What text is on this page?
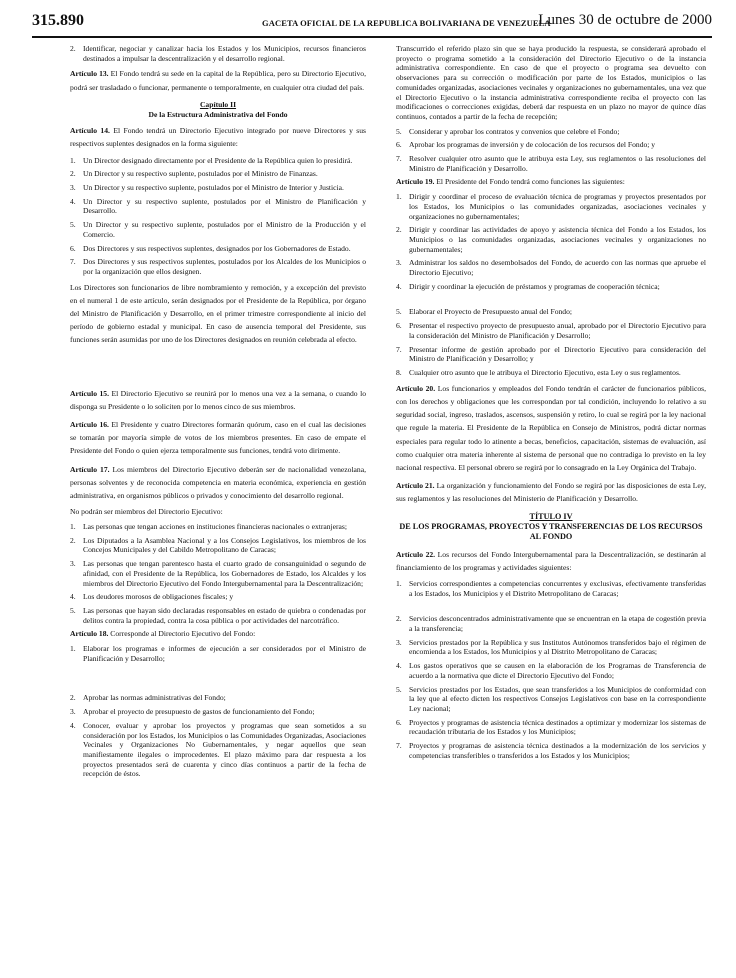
315.890	GACETA OFICIAL DE LA REPUBLICA BOLIVARIANA DE VENEZUELA
Lunes 30 de octubre de 2000
2. Identificar, negociar y canalizar hacia los Estados y los Municipios, recursos financieros destinados a impulsar la descentralización y el desarrollo regional.

Artículo 13. El Fondo tendrá su sede en la capital de la República, pero su Directorio Ejecutivo, podrá ser trasladado o funcionar, permanente o temporalmente, en cualquier otra ciudad del país.

Capítulo II
De la Estructura Administrativa del Fondo

Artículo 14. El Fondo tendrá un Directorio Ejecutivo integrado por nueve Directores y sus respectivos suplentes designados en la forma siguiente:

1. Un Director designado directamente por el Presidente de la República quien lo presidirá.
2. Un Director y su respectivo suplente, postulados por el Ministro de Finanzas.
3. Un Director y su respectivo suplente, postulados por el Ministro de Interior y Justicia.
4. Un Director y su respectivo suplente, postulados por el Ministro de Planificación y Desarrollo.
5. Un Director y su respectivo suplente, postulados por el Ministro de la Producción y el Comercio.
6. Dos Directores y sus respectivos suplentes, designados por los Gobernadores de Estado.
7. Dos Directores y sus respectivos suplentes, postulados por los Alcaldes de los Municipios o por la organización que ellos designen.

Los Directores son funcionarios de libre nombramiento y remoción, y a excepción del previsto en el numeral 1 de este artículo, serán designados por el Presidente de la República, por órgano del Ministro de Planificación y Desarrollo, en el primer trimestre correspondiente al inicio del período de gobierno estadal y municipal. En caso de ausencia temporal del Presidente, sus funciones serán asumidas por uno de los Directores designados en reunión celebrada al efecto.

Artículo 15. El Directorio Ejecutivo se reunirá por lo menos una vez a la semana, o cuando lo disponga su Presidente o lo soliciten por lo menos cinco de sus miembros.

Artículo 16. El Presidente y cuatro Directores formarán quórum, caso en el cual las decisiones se tomarán por mayoría simple de votos de los miembros presentes. En caso de empate el Presidente del Fondo o quien ejerza temporalmente sus funciones, tendrá voto dirimente.

Artículo 17. Los miembros del Directorio Ejecutivo deberán ser de nacionalidad venezolana, personas solventes y de reconocida competencia en materia económica, experiencia en gestión administrativa, en organismos públicos o privados y conocimiento del desarrollo regional.

No podrán ser miembros del Directorio Ejecutivo:

1. Las personas que tengan acciones en instituciones financieras nacionales o extranjeras;
2. Los Diputados a la Asamblea Nacional y a los Consejos Legislativos, los miembros de los Concejos Municipales y del Cabildo Metropolitano de Caracas;
3. Las personas que tengan parentesco hasta el cuarto grado de consanguinidad o segundo de afinidad, con el Presidente de la República, los Gobernadores de Estado, los Alcaldes y los miembros del Directorio Ejecutivo del Fondo Intergubernamental para la Descentralización;
4. Los deudores morosos de obligaciones fiscales; y
5. Las personas que hayan sido declaradas responsables en estado de quiebra o condenadas por delitos contra la propiedad, contra la cosa pública o por actividades del narcotráfico.

Artículo 18. Corresponde al Directorio Ejecutivo del Fondo:

1. Elaborar los programas e informes de ejecución a ser considerados por el Ministro de Planificación y Desarrollo;
2. Aprobar las normas administrativas del Fondo;
3. Aprobar el proyecto de presupuesto de gastos de funcionamiento del Fondo;
4. Conocer, evaluar y aprobar los proyectos y programas que sean sometidos a su consideración por los Estados, los Municipios o las Comunidades Organizadas, Asociaciones Vecinales y Organizaciones No Gubernamentales, y negar aquellos que sean manifiestamente ilegales o improcedentes. El plazo máximo para dar respuesta a los proyectos presentados será de cuarenta y cinco días continuos a partir de la fecha de recepción de éstos.

Transcurrido el referido plazo sin que se haya producido la respuesta, se considerará aprobado el proyecto o programa sometido a la consideración del Directorio Ejecutivo o de la instancia administrativa correspondiente. En caso de que el proyecto o programa sea devuelto con observaciones para su corrección o modificación por parte de los Estados, municipios o las comunidades organizadas, asociaciones vecinales y organizaciones no gubernamentales, una vez que el Directorio Ejecutivo o la instancia administrativa correspondiente reciba el proyecto con las modificaciones o correcciones exigidas, deberá dar respuesta en un plazo no mayor de quince días continuos, contados a partir de la fecha de recepción;

5. Considerar y aprobar los contratos y convenios que celebre el Fondo;
6. Aprobar los programas de inversión y de colocación de los recursos del Fondo; y
7. Resolver cualquier otro asunto que le atribuya esta Ley, sus reglamentos o las resoluciones del Ministro de Planificación y Desarrollo.

Artículo 19. El Presidente del Fondo tendrá como funciones las siguientes:

1. Dirigir y coordinar el proceso de evaluación técnica de programas y proyectos presentados por los Estados, los Municipios o las comunidades organizadas, asociaciones vecinales y organizaciones no gubernamentales;
2. Dirigir y coordinar las actividades de apoyo y asistencia técnica del Fondo a los Estados, los Municipios o las comunidades organizadas, asociaciones vecinales y organizaciones no gubernamentales;
3. Administrar los saldos no desembolsados del Fondo, de acuerdo con las normas que apruebe el Directorio Ejecutivo;
4. Dirigir y coordinar la ejecución de préstamos y programas de cooperación técnica;
5. Elaborar el Proyecto de Presupuesto anual del Fondo;
6. Presentar el respectivo proyecto de presupuesto anual, aprobado por el Directorio Ejecutivo para la consideración del Ministro de Planificación y Desarrollo;
7. Presentar informe de gestión aprobado por el Directorio Ejecutivo para consideración del Ministro de Planificación y Desarrollo; y
8. Cualquier otro asunto que le atribuya el Directorio Ejecutivo, esta Ley o sus reglamentos.

Artículo 20. Los funcionarios y empleados del Fondo tendrán el carácter de funcionarios públicos, con los derechos y obligaciones que les correspondan por tal condición, incluyendo lo relativo a su seguridad social, ingreso, traslados, ascensos, suspensión y retiro, lo cual se regirá por la ley nacional que regule la materia. El Presidente de la República en Consejo de Ministros, podrá dictar normas especiales para regular todo lo atinente a becas, beneficios, capacitación, sistemas de evaluación, así como cualquier otra materia inherente al sistema de personal que no contradiga lo previsto en la ley nacional respectiva. El personal obrero se regirá por lo consagrado en la Ley Orgánica del Trabajo.

Artículo 21. La organización y funcionamiento del Fondo se regirá por las disposiciones de esta Ley, sus reglamentos y las resoluciones del Ministerio de Planificación y Desarrollo.

TÍTULO IV
DE LOS PROGRAMAS, PROYECTOS Y TRANSFERENCIAS DE LOS RECURSOS AL FONDO

Artículo 22. Los recursos del Fondo Intergubernamental para la Descentralización, se destinarán al financiamiento de los programas y actividades siguientes:

1. Servicios correspondientes a competencias concurrentes y exclusivas, efectivamente transferidas a los Estados, los Municipios y el Distrito Metropolitano de Caracas;
2. Servicios desconcentrados administrativamente que se encuentran en la etapa de cogestión previa a la transferencia;
3. Servicios prestados por la República y sus Institutos Autónomos transferidos bajo el régimen de encomienda a los Estados, los Municipios y al Distrito Metropolitano de Caracas;
4. Los gastos operativos que se causen en la elaboración de los Programas de Transferencia de acuerdo a la normativa que dicte el Directorio Ejecutivo del Fondo;
5. Servicios prestados por los Estados, que sean transferidos a los Municipios de conformidad con la ley que al efecto dicten los respectivos Consejos Legislativos con base en la correspondiente Ley nacional;
6. Proyectos y programas de asistencia técnica destinados a optimizar y modernizar los sistemas de recaudación tributaria de los Estados y los Municipios;
7. Proyectos y programas de asistencia técnica destinados a la modernización de los servicios y competencias transferibles o transferidos a los Estados y los Municipios;
